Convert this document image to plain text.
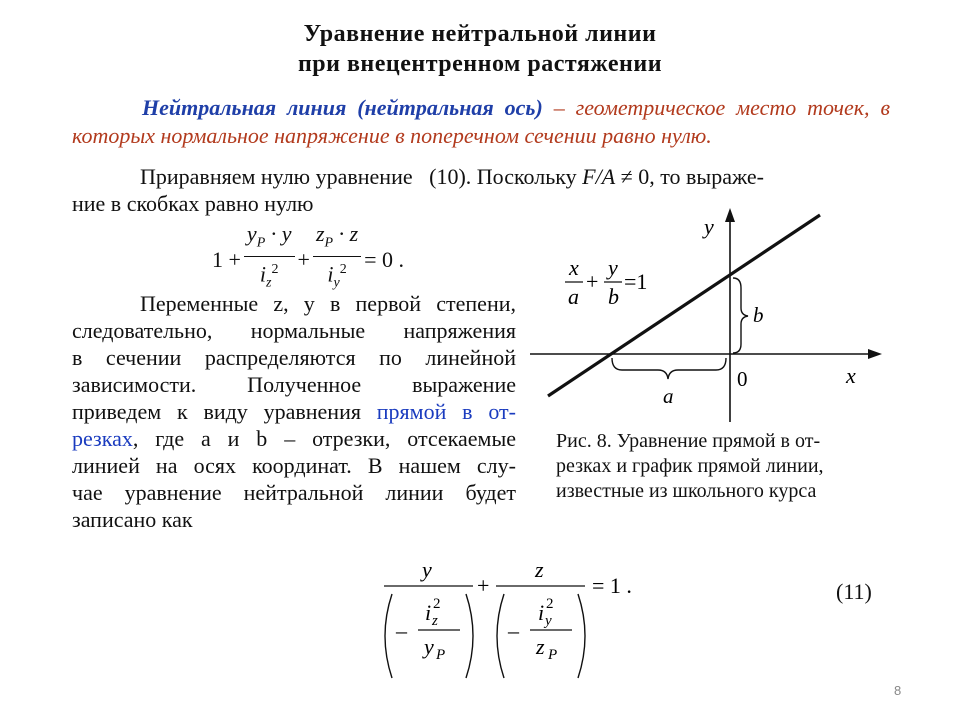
Уравнение нейтральной линии
при внецентренном растяжении
Нейтральная линия (нейтральная ось) – геометрическое место точек, в которых нормальное напряжение в поперечном сечении равно нулю.
Приравняем нулю уравнение   (10). Поскольку F/A ≠ 0, то выраже-
ние в скобках равно нулю
$1 + \frac{y_P \cdot y}{i_z^2} + \frac{z_P \cdot z}{i_y^2} = 0$ .
Переменные z, y в первой степени,
следовательно, нормальные напряжения
в сечении распределяются по линейной
зависимости. Полученное выражение
приведем к виду уравнения прямой в от-
резках, где a и b – отрезки, отсекаемые
линией на осях координат. В нашем слу-
чае уравнение нейтральной линии будет
записано как
y
x
0
b
a
x
a
+
y
b
=1
Рис. 8. Уравнение прямой в от-
резках и график прямой линии,
известные из школьного курса
y
–
i z
2
y P
+
z
–
i y
2
z P
= 1 .	(11)
8
